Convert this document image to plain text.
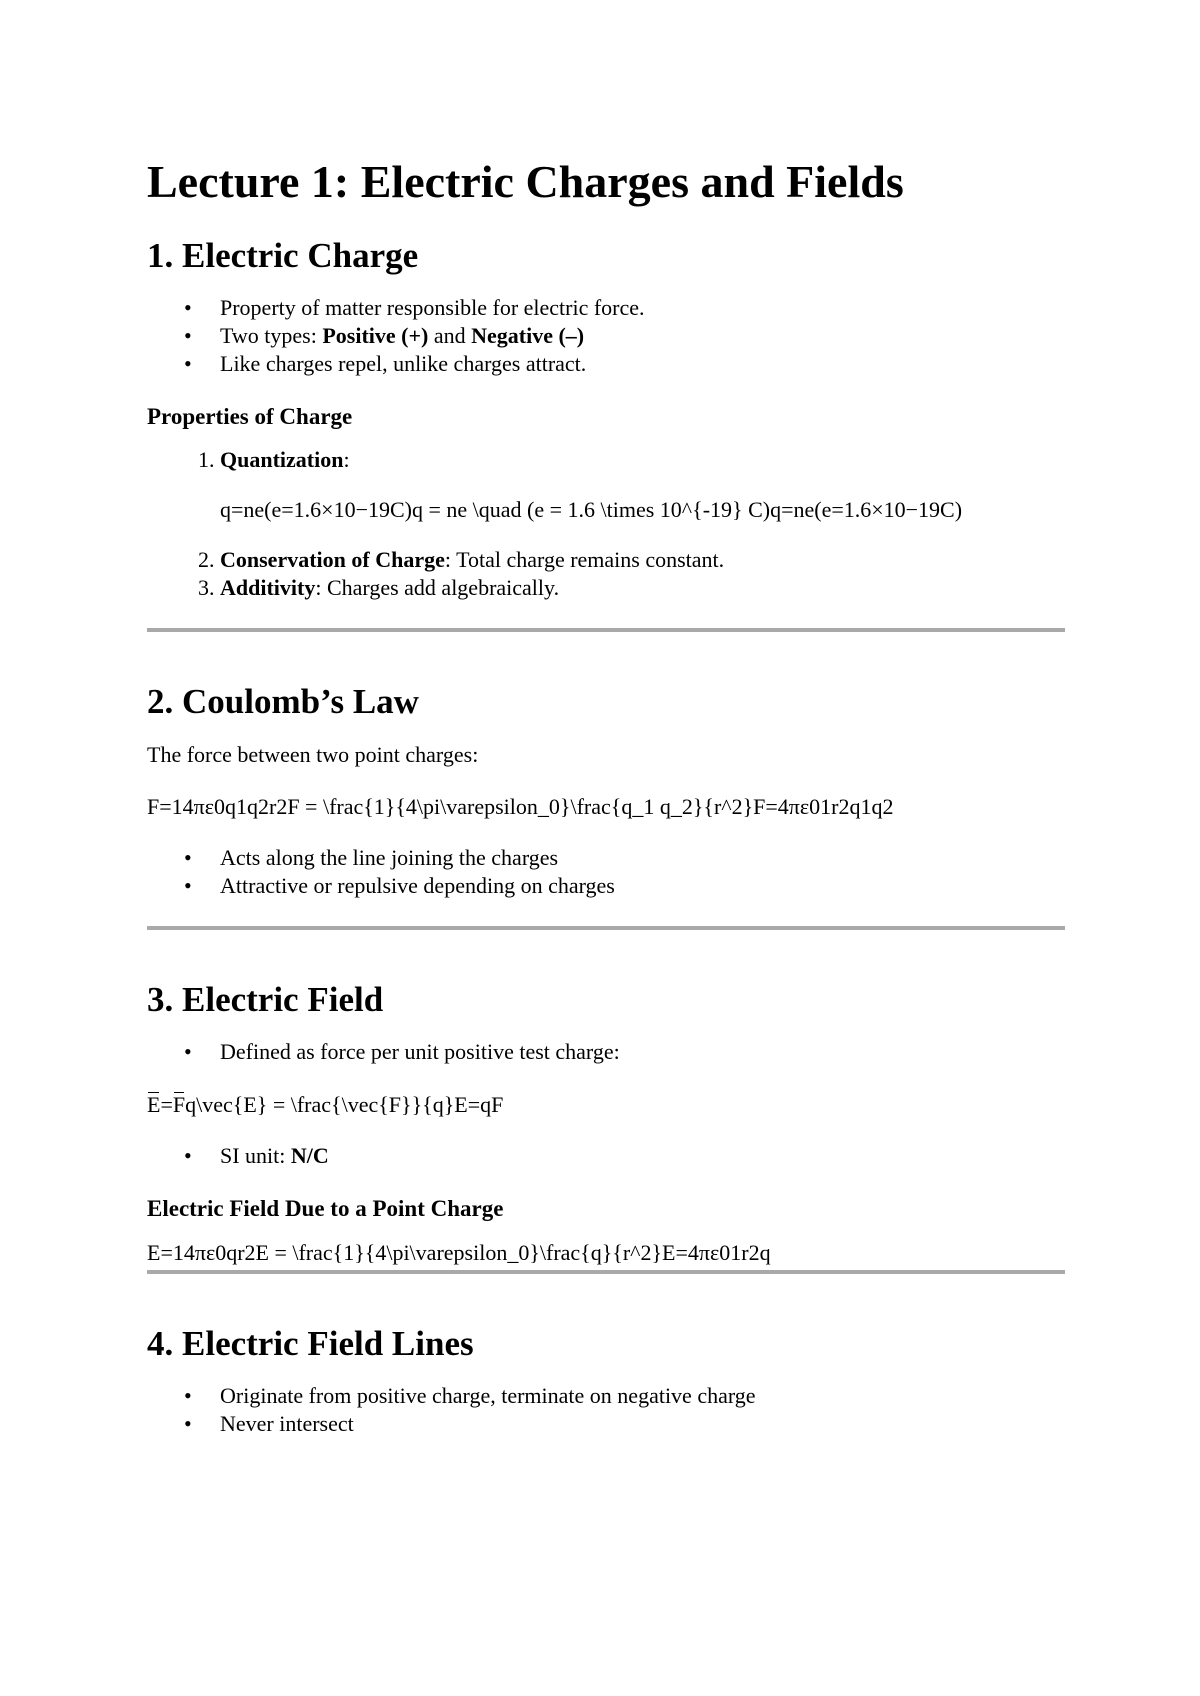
Lecture 1: Electric Charges and Fields
1. Electric Charge
• Property of matter responsible for electric force.
• Two types: Positive (+) and Negative (–)
• Like charges repel, unlike charges attract.
Properties of Charge
1. Quantization:
q=ne(e=1.6×10−19C)q = ne \quad (e = 1.6 \times 10^{-19} C)q=ne(e=1.6×10−19C)
2. Conservation of Charge: Total charge remains constant.
3. Additivity: Charges add algebraically.
2. Coulomb’s Law

The force between two point charges:

F=14πε0q1q2r2F = \frac{1}{4\pi\varepsilon_0}\frac{q_1 q_2}{r^2}F=4πε01r2q1q2

• Acts along the line joining the charges
• Attractive or repulsive depending on charges
3. Electric Field
• Defined as force per unit positive test charge:

E=Fq\vec{E} = \frac{\vec{F}}{q}E=qF

• SI unit: N/C
Electric Field Due to a Point Charge

E=14πε0qr2E = \frac{1}{4\pi\varepsilon_0}\frac{q}{r^2}E=4πε01r2q

4. Electric Field Lines
• Originate from positive charge, terminate on negative charge
• Never intersect
